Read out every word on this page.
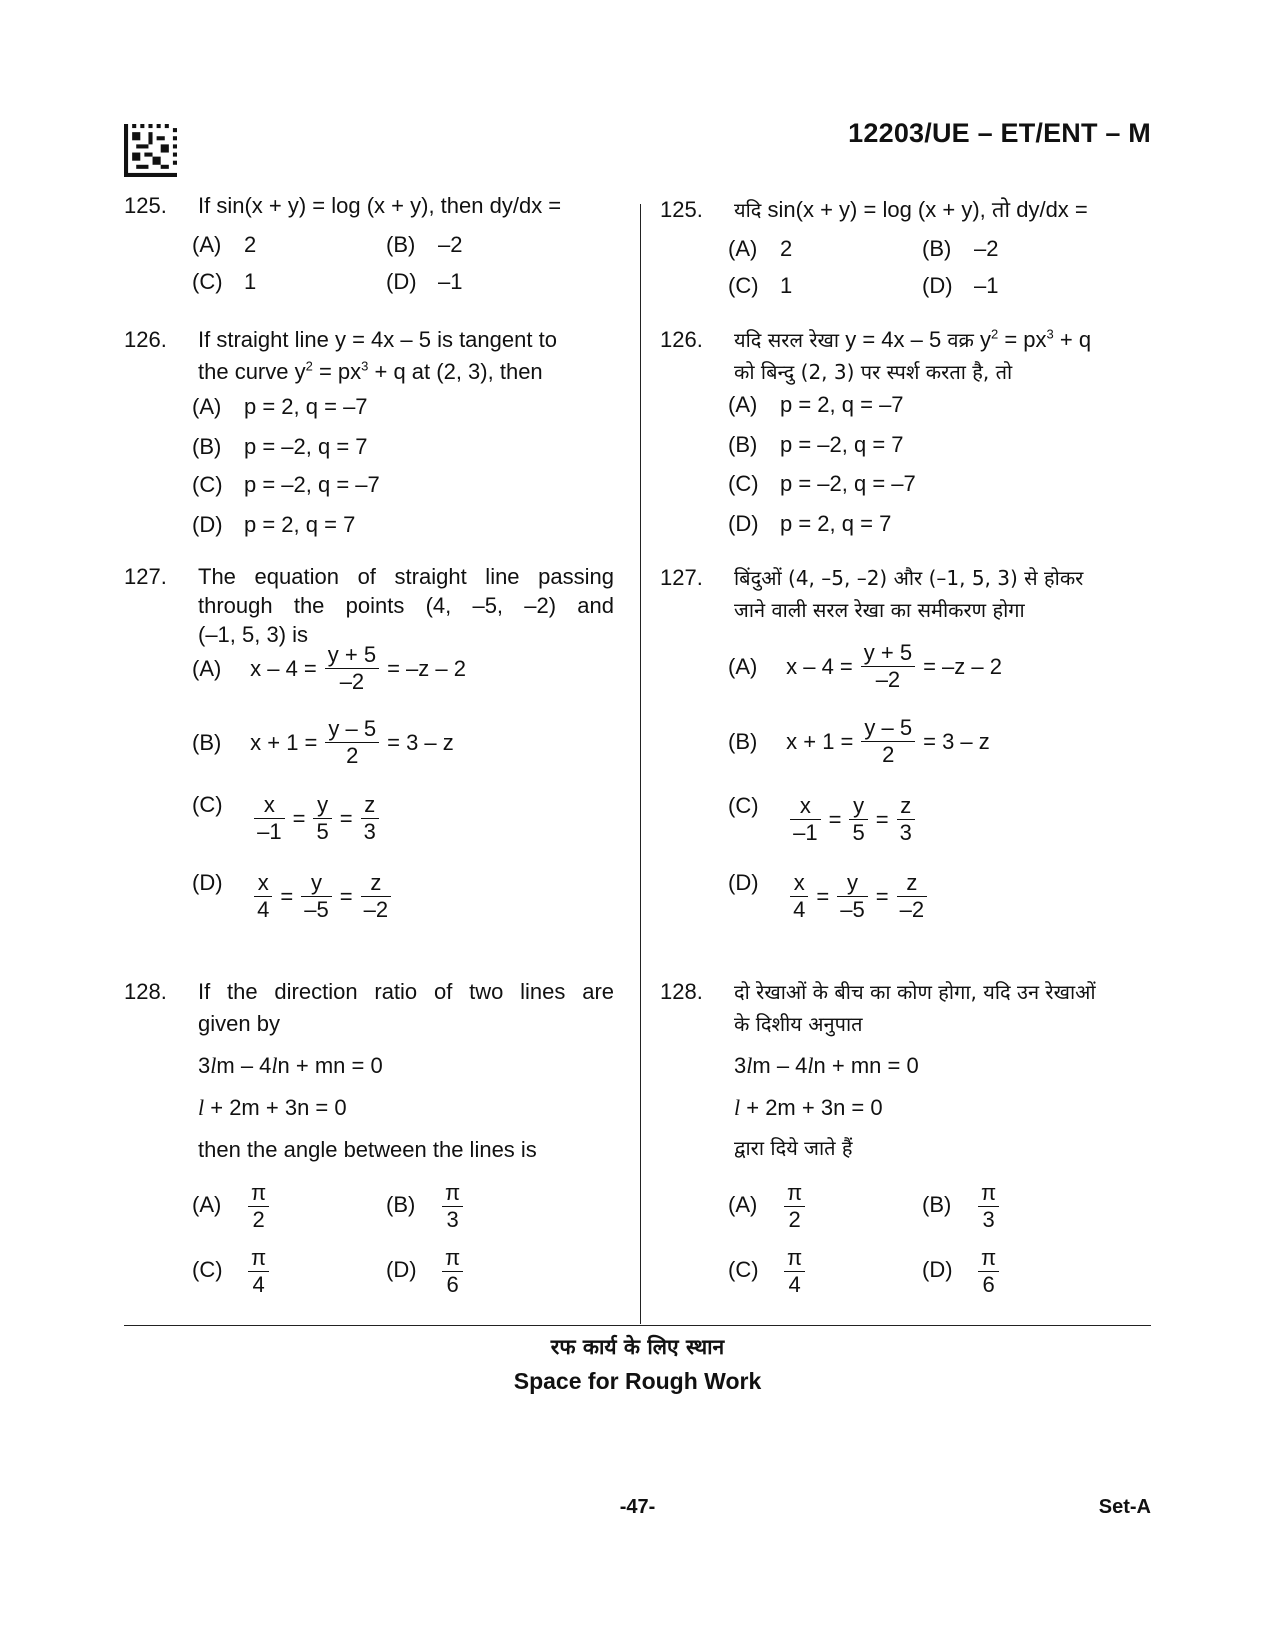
12203/UE – ET/ENT – M
125. If sin(x + y) = log (x + y), then dy/dx =
(A) 2	(B) –2
(C) 1	(D) –1
126. If straight line y = 4x – 5 is tangent to
the curve $y^2 = px^3 + q$ at (2, 3), then
(A) p = 2, q = –7
(B) p = –2, q = 7
(C) p = –2, q = –7
(D) p = 2, q = 7
127. The equation of straight line passing
through the points (4, –5, –2) and
(–1, 5, 3) is
(A) $x - 4 = \frac{y + 5}{-2} = -z - 2$
(B) $x + 1 = \frac{y - 5}{2} = 3 - z$
$(C) \frac{x}{-1} = \frac{y}{5} = \frac{z}{3}$
$(D) \frac{x}{4} = \frac{y}{-5} = \frac{z}{-2}$
128. If the direction ratio of two lines are
given by
3lm – 4ln + mn = 0
l + 2m + 3n = 0
then the angle between the lines is
$(A) \frac{\pi}{2}$	$(B) \frac{\pi}{3}$
$(C) \frac{\pi}{4}$	$(D) \frac{\pi}{6}$
125. यदि sin(x + y) = log (x + y), तो dy/dx =
(A) 2	(B) –2
(C) 1	(D) –1
126. यदि सरल रेखा y = 4x – 5 वक्र $y^2 = px^3 + q$
को बिन्दु (2, 3) पर स्पर्श करता है, तो
(A) p = 2, q = –7
(B) p = –2, q = 7
(C) p = –2, q = –7
(D) p = 2, q = 7
127. बिंदुओं (4, –5, –2) और (–1, 5, 3) से होकर
जाने वाली सरल रेखा का समीकरण होगा
(A) $x - 4 = \frac{y + 5}{-2} = -z - 2$
(B) $x + 1 = \frac{y - 5}{2} = 3 - z$
$(C) \frac{x}{-1} = \frac{y}{5} = \frac{z}{3}$
$(D) \frac{x}{4} = \frac{y}{-5} = \frac{z}{-2}$
128. दो रेखाओं के बीच का कोण होगा, यदि उन रेखाओं
के दिशीय अनुपात
3lm – 4ln + mn = 0
l + 2m + 3n = 0
द्वारा दिये जाते हैं
$(A) \frac{\pi}{2}$	$(B) \frac{\pi}{3}$
$(C) \frac{\pi}{4}$	$(D) \frac{\pi}{6}$
रफ कार्य के लिए स्थान
Space for Rough Work
-47-	Set-A
